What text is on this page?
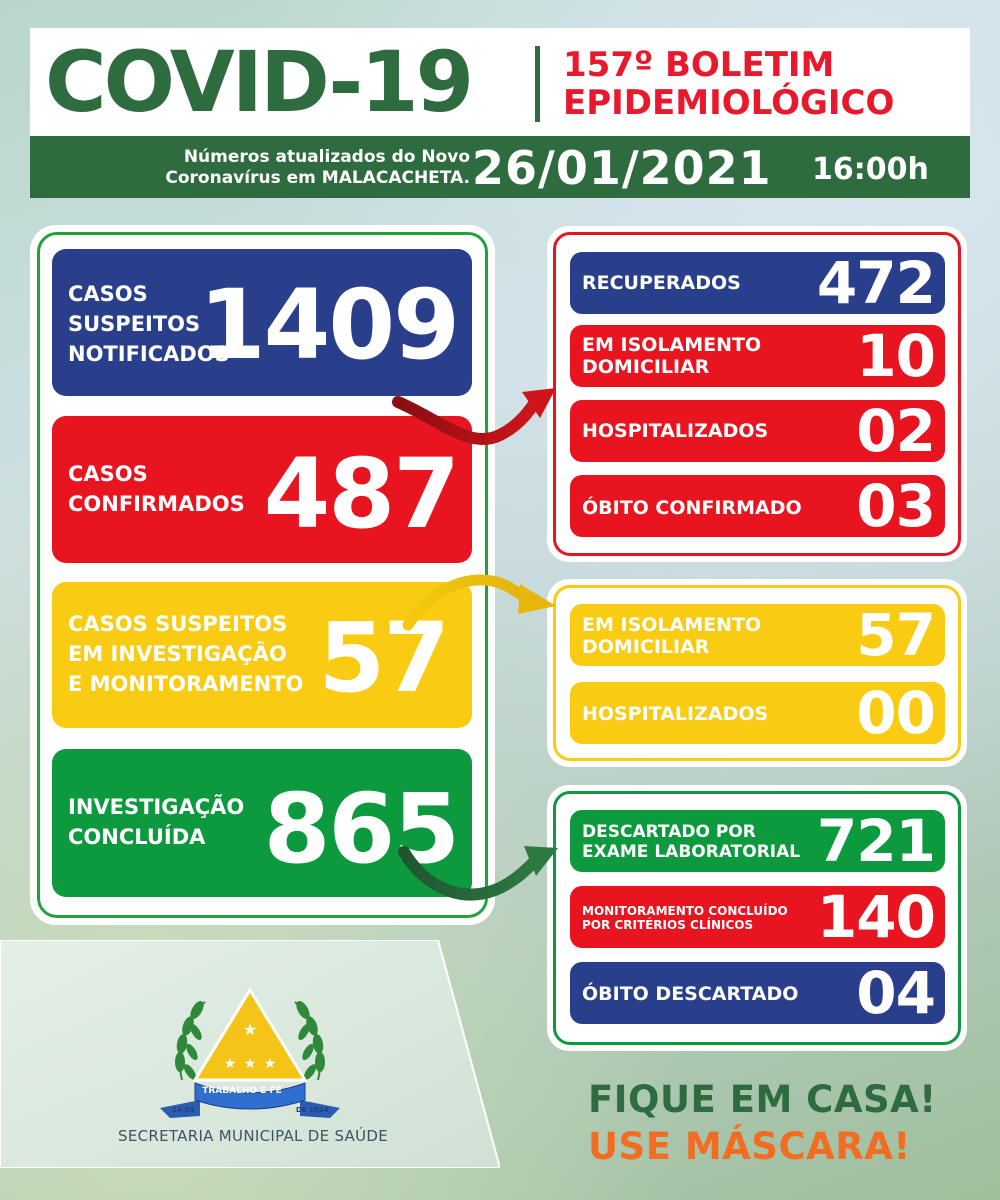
COVID-19	157º BOLETIM
EPIDEMIOLÓGICO
Números atualizados do Novo
Coronavírus em MALACACHETA. 26/01/2021 16:00h
CASOS
SUSPEITOS
NOTIFICADOS
1409
CASOS
CONFIRMADOS 487
CASOS SUSPEITOS
EM INVESTIGAÇÃO
E MONITORAMENTO 57
INVESTIGAÇÃO
CONCLUÍDA 865
RECUPERADOS 472
EM ISOLAMENTO
DOMICILIAR	10
HOSPITALIZADOS 02
ÓBITO CONFIRMADO 03
EM ISOLAMENTO
DOMICILIAR	57
HOSPITALIZADOS 00
DESCARTADO POR
EXAME LABORATORIAL 721
MONITORAMENTO CONCLUÍDO
POR CRITÉRIOS CLÍNICOS	140
ÓBITO DESCARTADO 04
★
★ ★ ★
TRABALHO E FÉ
14-09	DE 1924
SECRETARIA MUNICIPAL DE SAÚDE
FIQUE EM CASA!
USE MÁSCARA!
